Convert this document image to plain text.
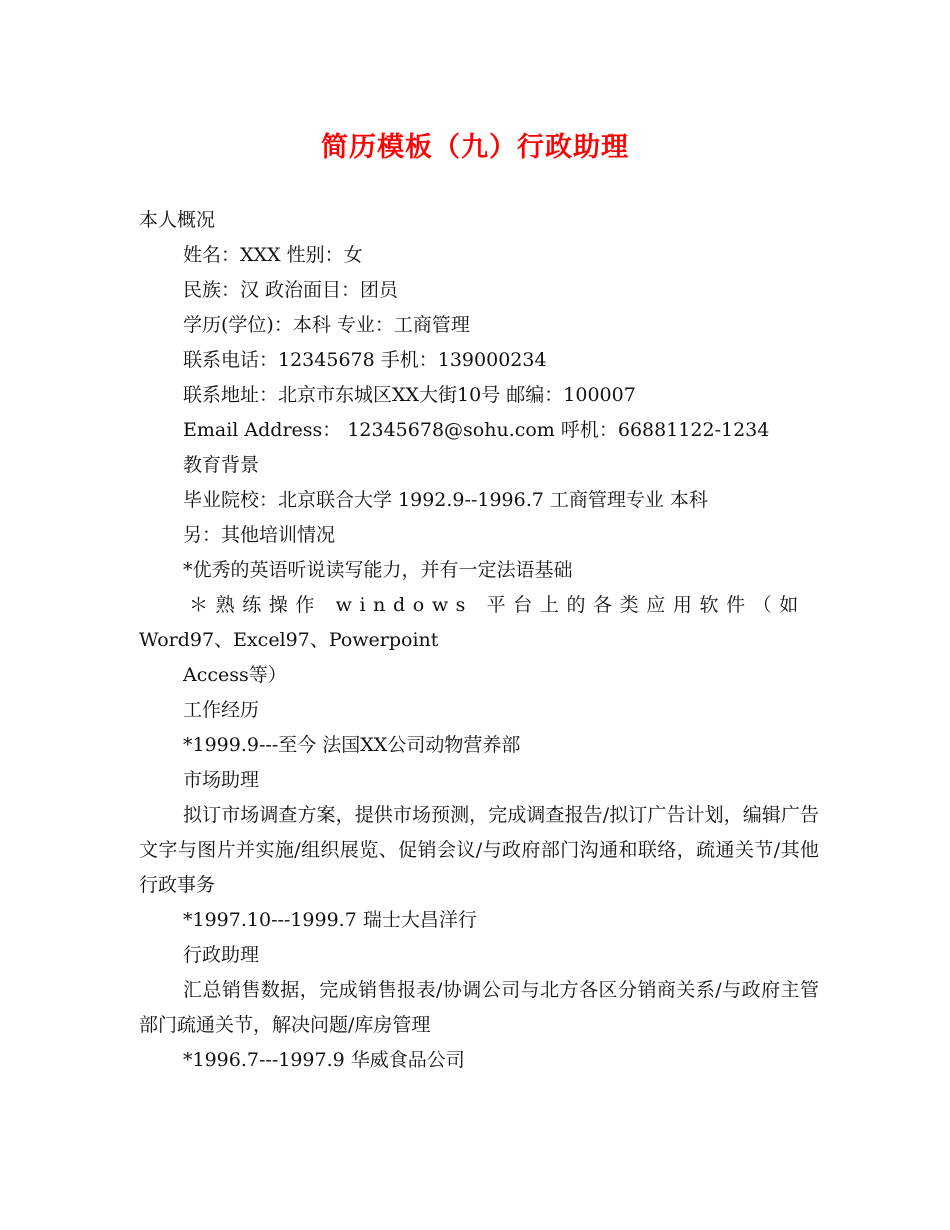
简历模板（九）行政助理
本人概况
姓名：XXX 性别：女
民族：汉 政治面目：团员
学历(学位)：本科 专业：工商管理
联系电话：12345678 手机：139000234
联系地址：北京市东城区XX大街10号 邮编：100007
Email Address： 12345678@sohu.com 呼机：66881122-1234
教育背景
毕业院校：北京联合大学 1992.9--1996.7 工商管理专业 本科
另：其他培训情况
*优秀的英语听说读写能力，并有一定法语基础
＊熟练操作 windows 平台上的各类应用软件（如
Word97、Excel97、Powerpoint
Access等）
工作经历
*1999.9---至今 法国XX公司动物营养部
市场助理
拟订市场调查方案，提供市场预测，完成调查报告/拟订广告计划，编辑广告文字与图片并实施/组织展览、促销会议/与政府部门沟通和联络，疏通关节/其他行政事务
*1997.10---1999.7 瑞士大昌洋行
行政助理
汇总销售数据，完成销售报表/协调公司与北方各区分销商关系/与政府主管部门疏通关节，解决问题/库房管理
*1996.7---1997.9 华威食品公司
